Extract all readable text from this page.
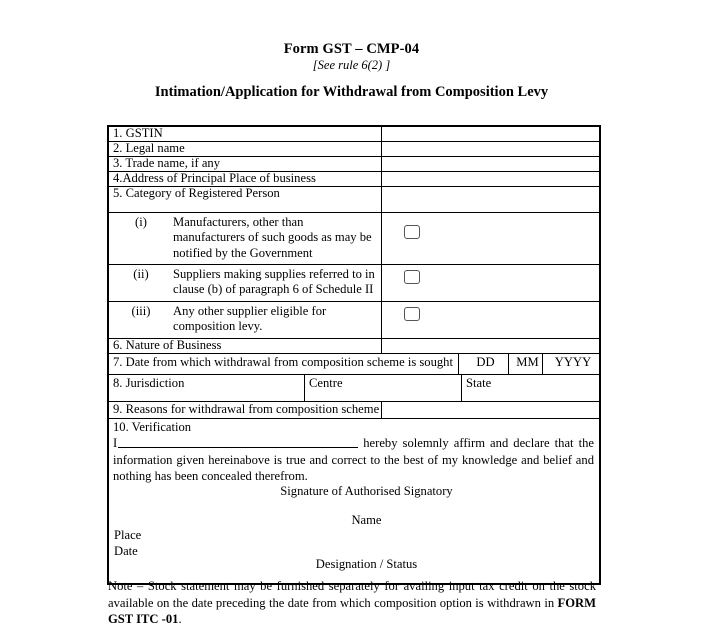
Form GST – CMP-04
[See rule 6(2) ]
Intimation/Application for Withdrawal from Composition Levy
1. GSTIN
2. Legal name
3. Trade name, if any
4.Address of Principal Place of business
5. Category of Registered Person
(i)	Manufacturers, other than manufacturers of such goods as may be notified by the Government
(ii)	Suppliers making supplies referred to in clause (b) of paragraph 6 of Schedule II
(iii)	Any other supplier eligible for composition levy.
6. Nature of Business
7. Date from which withdrawal from composition scheme is sought	DD	MM	YYYY
8. Jurisdiction	Centre	State
9. Reasons for withdrawal from composition scheme
10. Verification
I	hereby solemnly affirm and declare that the information given hereinabove is true and correct to the best of my knowledge and belief and nothing has been concealed therefrom.
Signature of Authorised Signatory
Name
Place
Date
Designation / Status
Note – Stock statement may be furnished separately for availing input tax credit on the stock available on the date preceding the date from which composition option is withdrawn in FORM GST ITC -01.
